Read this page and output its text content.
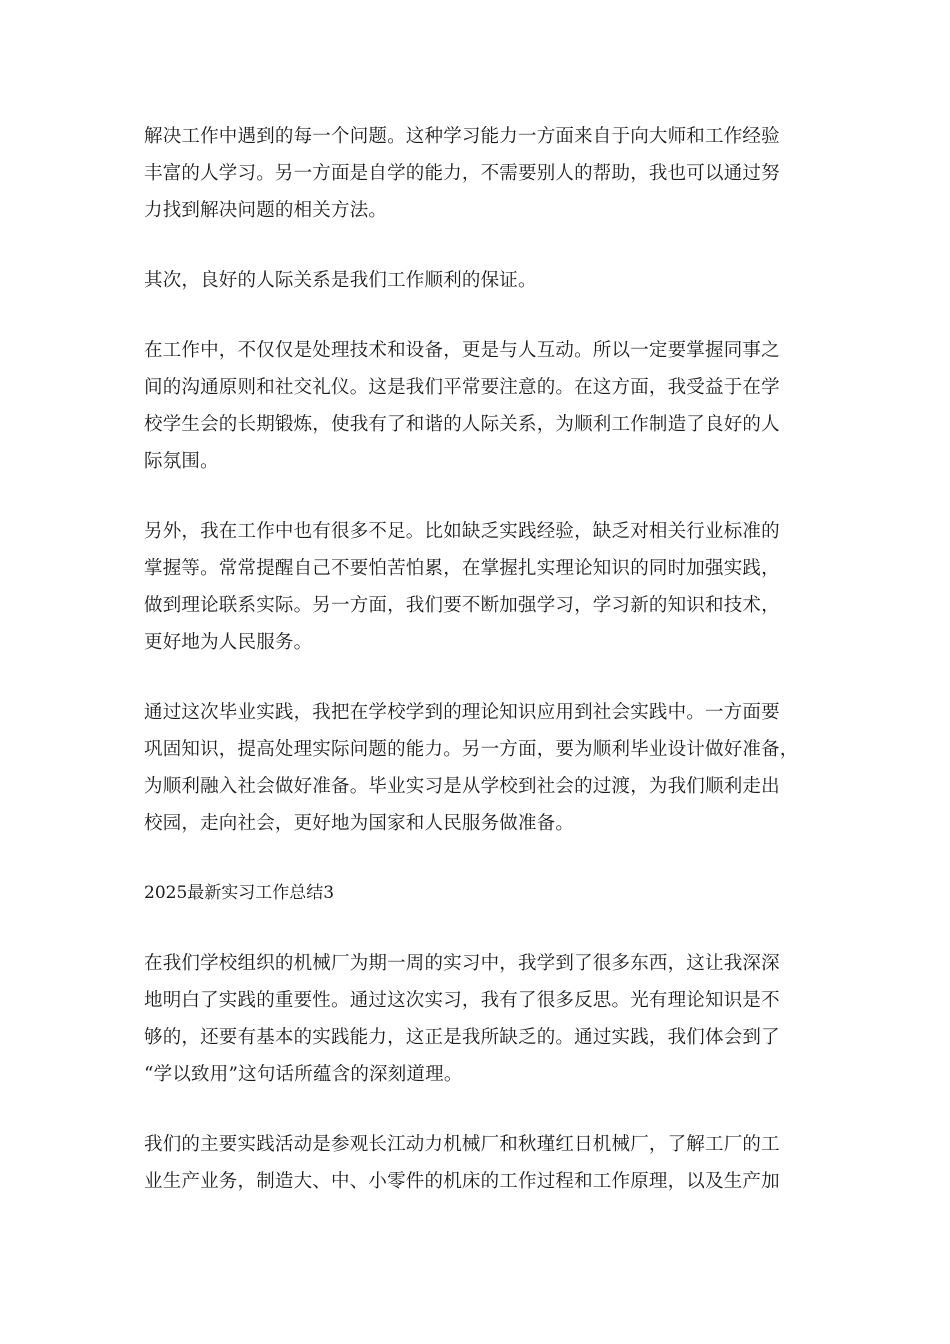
解决工作中遇到的每一个问题。这种学习能力一方面来自于向大师和工作经验
丰富的人学习。另一方面是自学的能力，不需要别人的帮助，我也可以通过努
力找到解决问题的相关方法。

其次，良好的人际关系是我们工作顺利的保证。

在工作中，不仅仅是处理技术和设备，更是与人互动。所以一定要掌握同事之
间的沟通原则和社交礼仪。这是我们平常要注意的。在这方面，我受益于在学
校学生会的长期锻炼，使我有了和谐的人际关系，为顺利工作制造了良好的人
际氛围。

另外，我在工作中也有很多不足。比如缺乏实践经验，缺乏对相关行业标准的
掌握等。常常提醒自己不要怕苦怕累，在掌握扎实理论知识的同时加强实践，
做到理论联系实际。另一方面，我们要不断加强学习，学习新的知识和技术，
更好地为人民服务。

通过这次毕业实践，我把在学校学到的理论知识应用到社会实践中。一方面要
巩固知识，提高处理实际问题的能力。另一方面，要为顺利毕业设计做好准备，
为顺利融入社会做好准备。毕业实习是从学校到社会的过渡，为我们顺利走出
校园，走向社会，更好地为国家和人民服务做准备。

2025最新实习工作总结3

在我们学校组织的机械厂为期一周的实习中，我学到了很多东西，这让我深深
地明白了实践的重要性。通过这次实习，我有了很多反思。光有理论知识是不
够的，还要有基本的实践能力，这正是我所缺乏的。通过实践，我们体会到了
“学以致用”这句话所蕴含的深刻道理。

我们的主要实践活动是参观长江动力机械厂和秋瑾红日机械厂，了解工厂的工
业生产业务，制造大、中、小零件的机床的工作过程和工作原理，以及生产加
